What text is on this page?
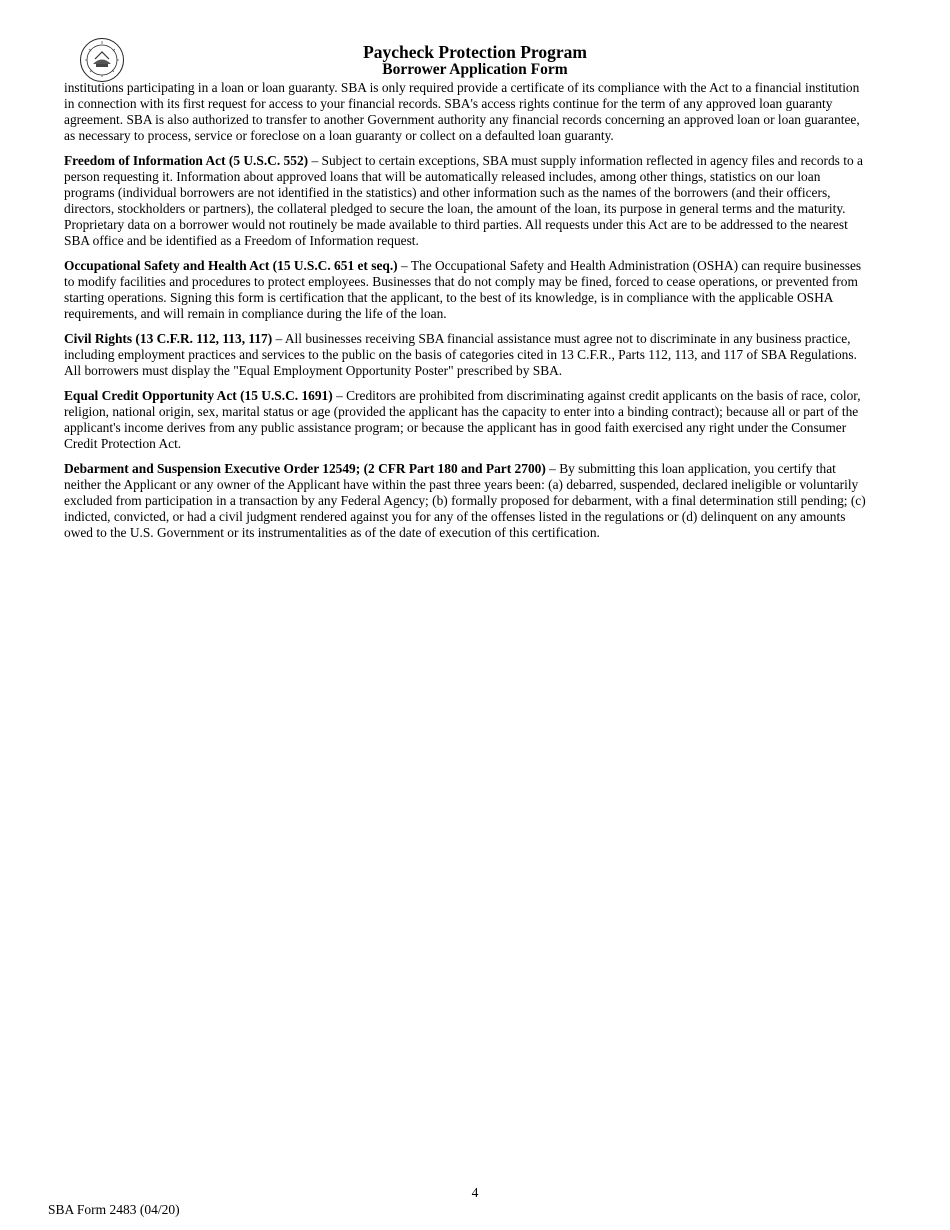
Paycheck Protection Program
Borrower Application Form

institutions participating in a loan or loan guaranty. SBA is only required provide a certificate of its compliance with the Act to a financial institution in connection with its first request for access to your financial records. SBA's access rights continue for the term of any approved loan guaranty agreement. SBA is also authorized to transfer to another Government authority any financial records concerning an approved loan or loan guarantee, as necessary to process, service or foreclose on a loan guaranty or collect on a defaulted loan guaranty.

Freedom of Information Act (5 U.S.C. 552) – Subject to certain exceptions, SBA must supply information reflected in agency files and records to a person requesting it. Information about approved loans that will be automatically released includes, among other things, statistics on our loan programs (individual borrowers are not identified in the statistics) and other information such as the names of the borrowers (and their officers, directors, stockholders or partners), the collateral pledged to secure the loan, the amount of the loan, its purpose in general terms and the maturity. Proprietary data on a borrower would not routinely be made available to third parties. All requests under this Act are to be addressed to the nearest SBA office and be identified as a Freedom of Information request.

Occupational Safety and Health Act (15 U.S.C. 651 et seq.) – The Occupational Safety and Health Administration (OSHA) can require businesses to modify facilities and procedures to protect employees. Businesses that do not comply may be fined, forced to cease operations, or prevented from starting operations. Signing this form is certification that the applicant, to the best of its knowledge, is in compliance with the applicable OSHA requirements, and will remain in compliance during the life of the loan.

Civil Rights (13 C.F.R. 112, 113, 117) – All businesses receiving SBA financial assistance must agree not to discriminate in any business practice, including employment practices and services to the public on the basis of categories cited in 13 C.F.R., Parts 112, 113, and 117 of SBA Regulations. All borrowers must display the "Equal Employment Opportunity Poster" prescribed by SBA.

Equal Credit Opportunity Act (15 U.S.C. 1691) – Creditors are prohibited from discriminating against credit applicants on the basis of race, color, religion, national origin, sex, marital status or age (provided the applicant has the capacity to enter into a binding contract); because all or part of the applicant's income derives from any public assistance program; or because the applicant has in good faith exercised any right under the Consumer Credit Protection Act.

Debarment and Suspension Executive Order 12549; (2 CFR Part 180 and Part 2700) – By submitting this loan application, you certify that neither the Applicant or any owner of the Applicant have within the past three years been: (a) debarred, suspended, declared ineligible or voluntarily excluded from participation in a transaction by any Federal Agency; (b) formally proposed for debarment, with a final determination still pending; (c) indicted, convicted, or had a civil judgment rendered against you for any of the offenses listed in the regulations or (d) delinquent on any amounts owed to the U.S. Government or its instrumentalities as of the date of execution of this certification.

4
SBA Form 2483 (04/20)
